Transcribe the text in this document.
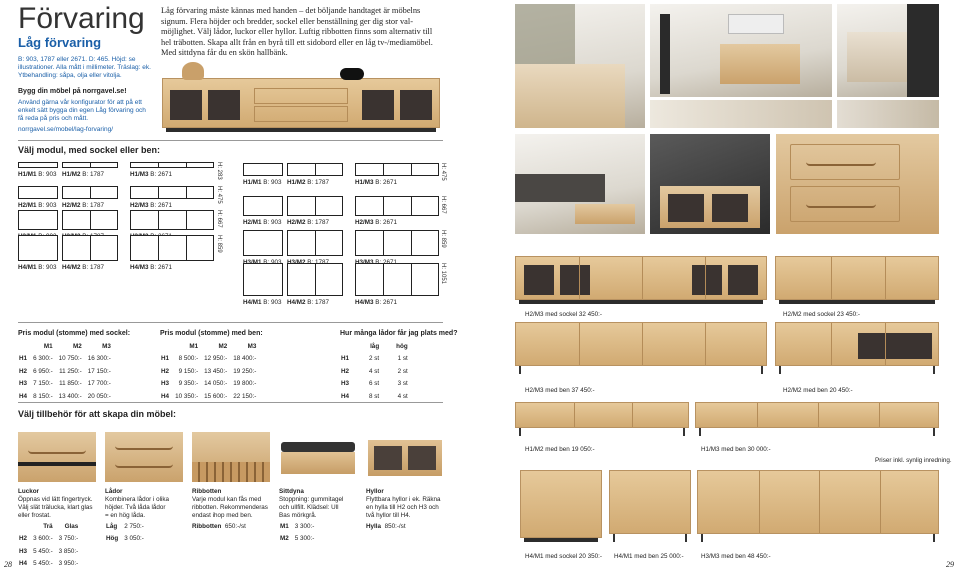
Förvaring
Låg förvaring
B: 903, 1787 eller 2671. D: 465. Höjd: se
illustrationer. Alla mått i millimeter. Träslag: ek.
Ytbehandling: såpa, olja eller vitolja.
Låg förvaring måste kännas med handen – det böljande handtaget är möbelns
signum. Flera höjder och bredder, sockel eller benställning ger dig stor val-
möjlighet. Välj lådor, luckor eller hyllor. Luftig ribbotten finns som alternativ till
hel träbotten. Skapa allt från en byrå till ett sidobord eller en låg tv-/mediamöbel.
Med sittdyna får du en skön hallbänk.
Bygg din möbel på norrgavel.se!
Använd gärna vår konfigurator för att på ett
enkelt sätt bygga din egen Låg förvaring och
få reda på pris och mått.
norrgavel.se/mobel/lag-forvaring/
Välj modul, med sockel eller ben:
H1/M1 B: 903 H1/M2 B: 1787	H1/M3 B: 2671	H: 283
H2/M1 B: 903 H2/M2 B: 1787	H2/M3 B: 2671
H: 475
H: 667
H4/M1 B: 903 H4/M2 B: 1787	H4/M3 B: 2671
H: 859
H1/M1 B: 903 H1/M2 B: 1787	H1/M3 B: 2671
H: 475
H2/M1 B: 903 H2/M2 B: 1787	H2/M3 B: 2671
H: 667
H: 859
H4/M1 B: 903 H4/M2 B: 1787	H4/M3 B: 2671
H: 1051
Pris modul (stomme) med sockel:
	M1	M2	M3
H1	6 300:-	10 750:-	16 300:-
H2	6 950:-	11 250:-	17 150:-
H3	7 150:-	11 850:-	17 700:-
H4	8 150:-	13 400:-	20 050:-
Pris modul (stomme) med ben:
	M1	M2	M3
H1	8 500:-	12 950:-	18 400:-
H2	9 150:-	13 450:-	19 250:-
H3	9 350:-	14 050:-	19 800:-
H4	10 350:-	15 600:-	22 150:-
Hur många lådor får jag plats med?
	låg	hög
H1	2 st	1 st
H2	4 st	2 st
H3	6 st	3 st
H4	8 st	4 st
Välj tillbehör för att skapa din möbel:
Luckor
Öppnas vid lätt fingertryck.
Välj slät trälucka, klart glas
eller frostat.
	Trä	Glas
H2	3 600:-	3 750:-
H3	5 450:-	3 850:-
H4	5 450:-	3 950:-
Lådor
Kombinera lådor i olika
höjder. Två låda lådor
= en hög låda.
Låg	2 750:-
Hög	3 050:-
Ribbotten
Varje modul kan fås med
ribbotten. Rekommenderas
endast ihop med ben.
Ribbotten 650:-/st
Sittdyna
Stoppning: gummitagel
och ullfilt. Klädsel: Ull
Bas mörkgrå.
M1	3 300:-
M2	5 300:-
Hyllor
Flyttbara hyllor i ek. Räkna
en hylla till H2 och H3 och
två hyllor till H4.
Hylla 850:-/st
28
H2/M3 med sockel 32 450:-	H2/M2 med sockel 23 450:-
H2/M3 med ben 37 450:-	H2/M2 med ben 20 450:-
H1/M2 med ben 19 050:-	H1/M3 med ben 30 000:-
Priser inkl. synlig inredning.
H4/M1 med sockel 20 350:- H4/M1 med ben 25 000:-	H3/M3 med ben 48 450:-
29
